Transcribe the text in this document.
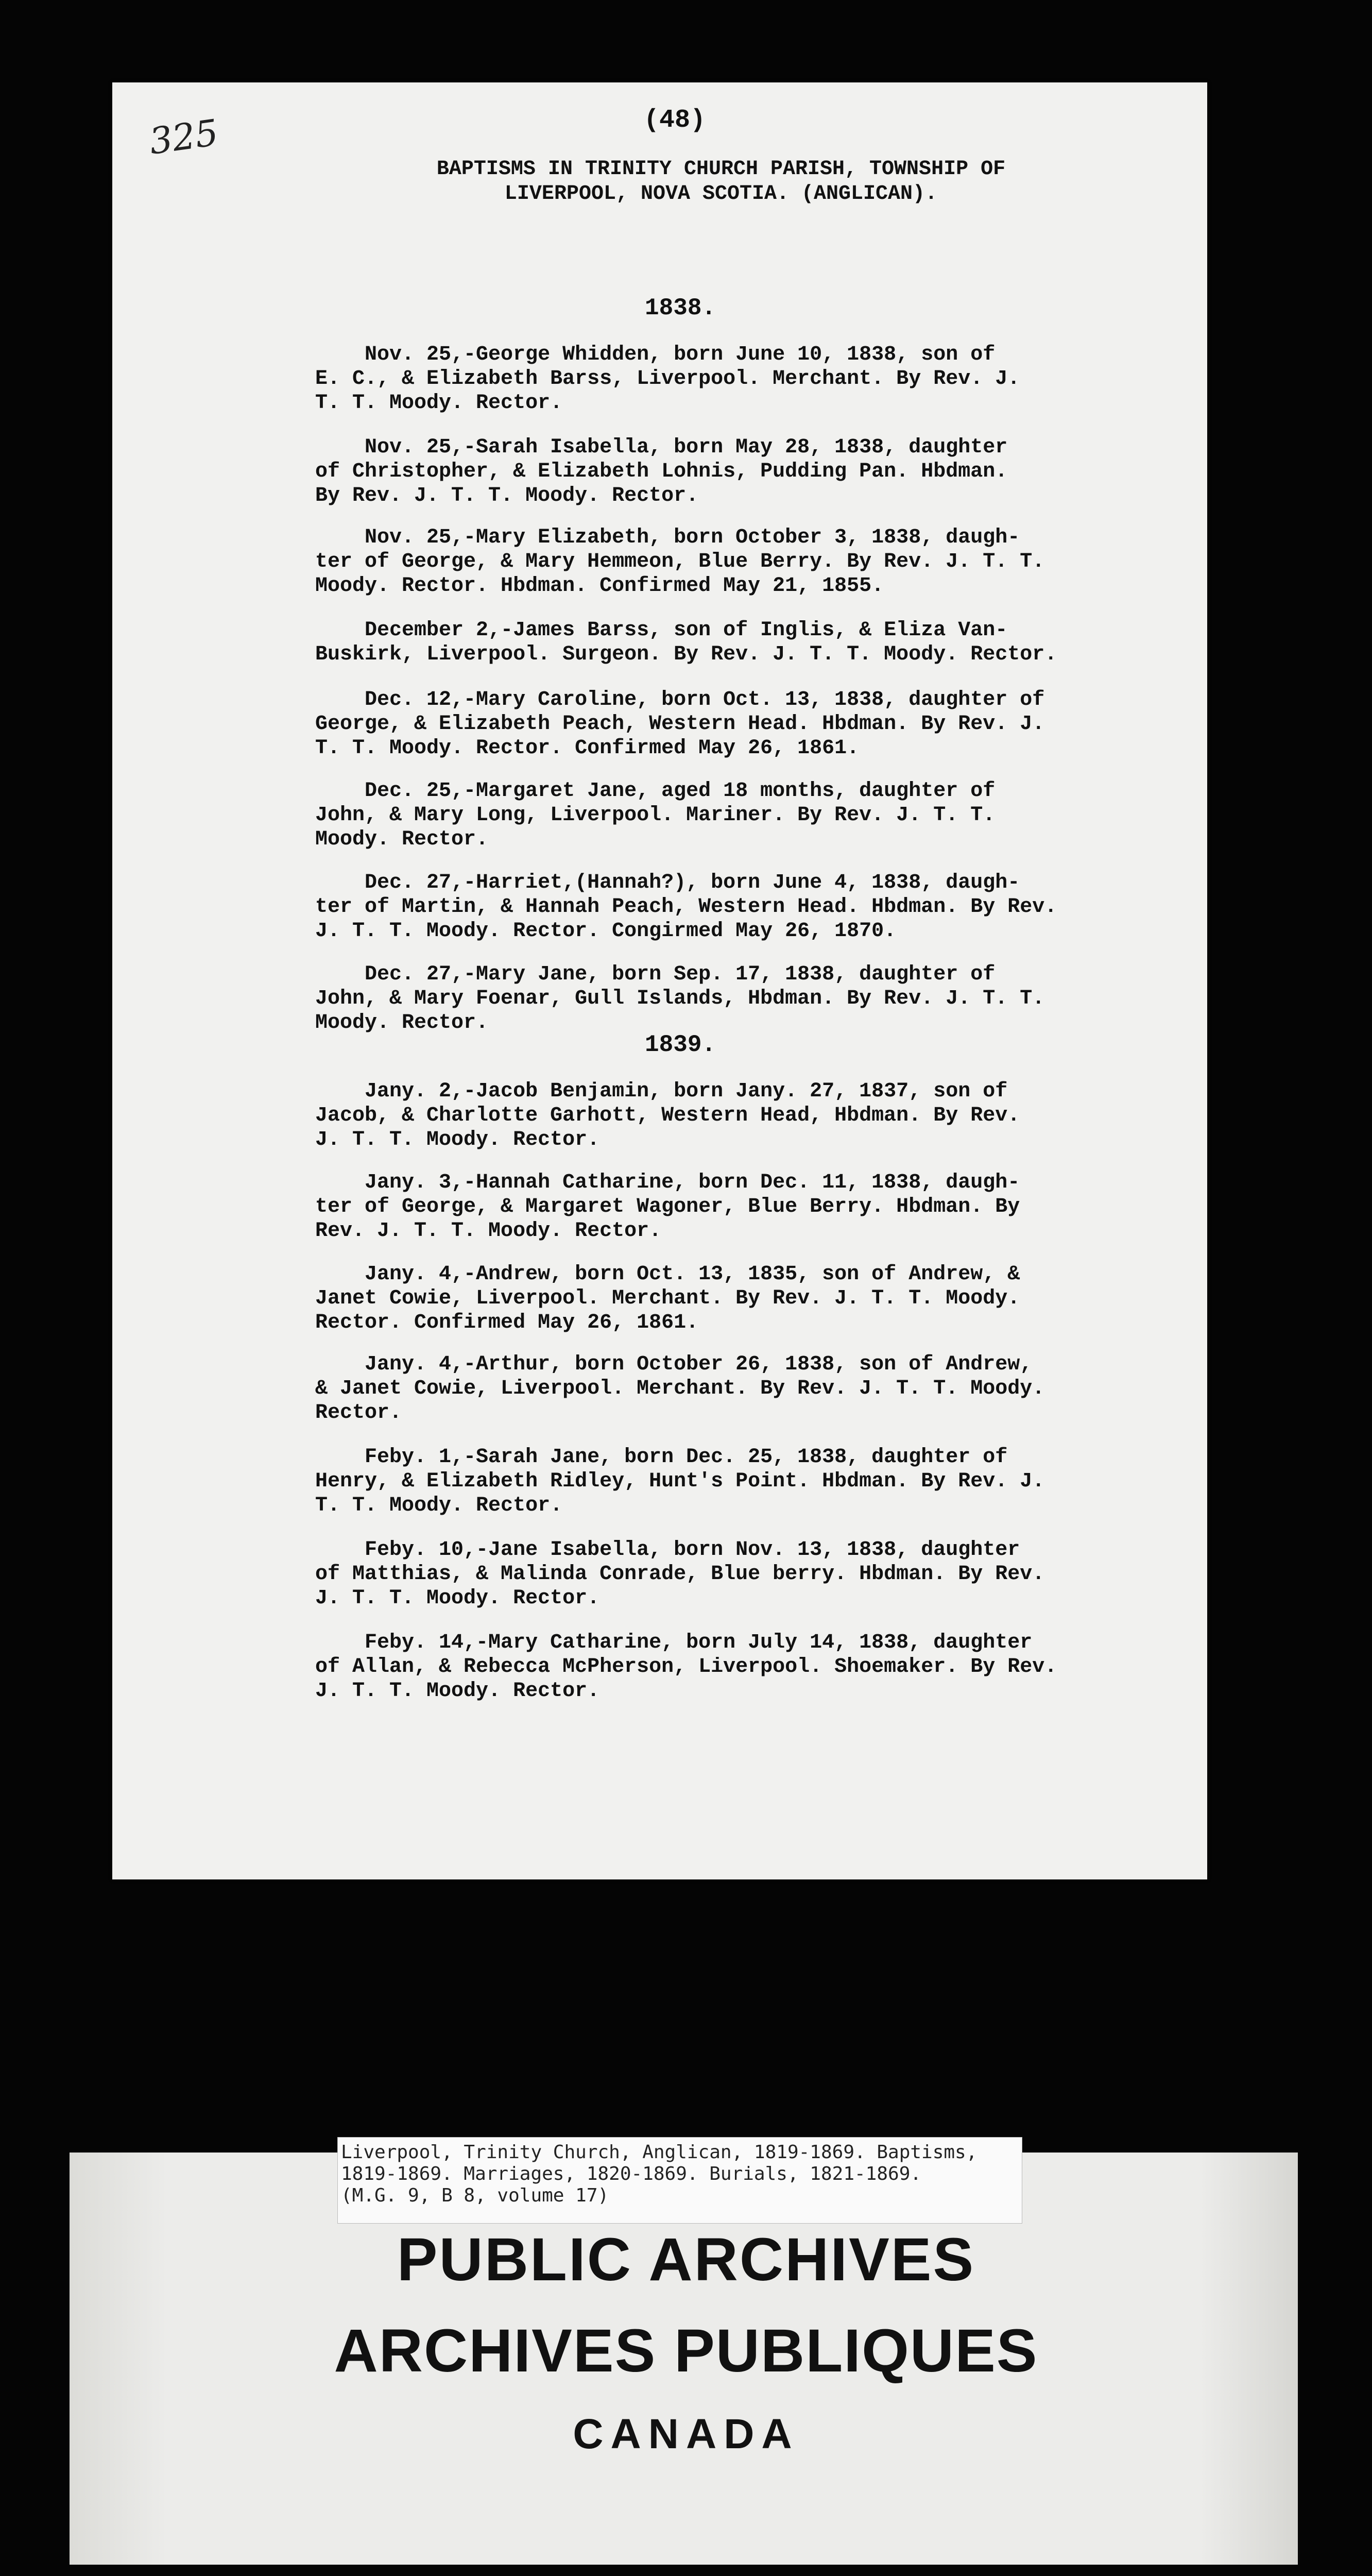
325	(48)
BAPTISMS IN TRINITY CHURCH PARISH, TOWNSHIP OF
LIVERPOOL, NOVA SCOTIA. (ANGLICAN).
1838.
Nov. 25,-George Whidden, born June 10, 1838, son of
E. C., & Elizabeth Barss, Liverpool. Merchant. By Rev. J.
T. T. Moody. Rector.
Nov. 25,-Sarah Isabella, born May 28, 1838, daughter
of Christopher, & Elizabeth Lohnis, Pudding Pan. Hbdman.
By Rev. J. T. T. Moody. Rector.
Nov. 25,-Mary Elizabeth, born October 3, 1838, daugh-
ter of George, & Mary Hemmeon, Blue Berry. By Rev. J. T. T.
Moody. Rector. Hbdman. Confirmed May 21, 1855.
December 2,-James Barss, son of Inglis, & Eliza Van-
Buskirk, Liverpool. Surgeon. By Rev. J. T. T. Moody. Rector.
Dec. 12,-Mary Caroline, born Oct. 13, 1838, daughter of
George, & Elizabeth Peach, Western Head. Hbdman. By Rev. J.
T. T. Moody. Rector. Confirmed May 26, 1861.
Dec. 25,-Margaret Jane, aged 18 months, daughter of
John, & Mary Long, Liverpool. Mariner. By Rev. J. T. T.
Moody. Rector.
Dec. 27,-Harriet,(Hannah?), born June 4, 1838, daugh-
ter of Martin, & Hannah Peach, Western Head. Hbdman. By Rev.
J. T. T. Moody. Rector. Congirmed May 26, 1870.
Dec. 27,-Mary Jane, born Sep. 17, 1838, daughter of
John, & Mary Foenar, Gull Islands, Hbdman. By Rev. J. T. T.
Moody. Rector.
1839.
Jany. 2,-Jacob Benjamin, born Jany. 27, 1837, son of
Jacob, & Charlotte Garhott, Western Head, Hbdman. By Rev.
J. T. T. Moody. Rector.
Jany. 3,-Hannah Catharine, born Dec. 11, 1838, daugh-
ter of George, & Margaret Wagoner, Blue Berry. Hbdman. By
Rev. J. T. T. Moody. Rector.
Jany. 4,-Andrew, born Oct. 13, 1835, son of Andrew, &
Janet Cowie, Liverpool. Merchant. By Rev. J. T. T. Moody.
Rector. Confirmed May 26, 1861.
Jany. 4,-Arthur, born October 26, 1838, son of Andrew,
& Janet Cowie, Liverpool. Merchant. By Rev. J. T. T. Moody.
Rector.
Feby. 1,-Sarah Jane, born Dec. 25, 1838, daughter of
Henry, & Elizabeth Ridley, Hunt's Point. Hbdman. By Rev. J.
T. T. Moody. Rector.
Feby. 10,-Jane Isabella, born Nov. 13, 1838, daughter
of Matthias, & Malinda Conrade, Blue berry. Hbdman. By Rev.
J. T. T. Moody. Rector.
Feby. 14,-Mary Catharine, born July 14, 1838, daughter
of Allan, & Rebecca McPherson, Liverpool. Shoemaker. By Rev.
J. T. T. Moody. Rector.
Liverpool, Trinity Church, Anglican, 1819-1869. Baptisms,
1819-1869. Marriages, 1820-1869. Burials, 1821-1869.
(M.G. 9, B 8, volume 17)
PUBLIC ARCHIVES
ARCHIVES PUBLIQUES
CANADA
